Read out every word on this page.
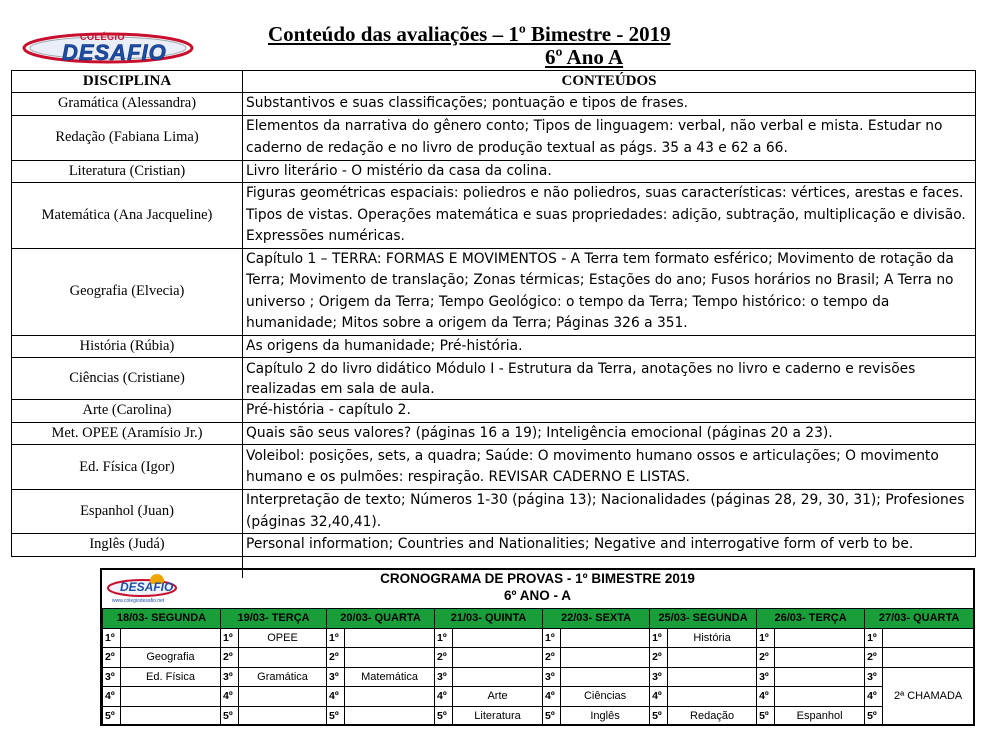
COLÉGIO
DESAFIO
Conteúdo das avaliações – 1º Bimestre - 2019
6º Ano A
DISCIPLINA	CONTEÚDOS
Gramática (Alessandra)	Substantivos e suas classificações; pontuação e tipos de frases.
Redação (Fabiana Lima)	Elementos da narrativa do gênero conto; Tipos de linguagem: verbal, não verbal e mista. Estudar no caderno de redação e no livro de produção textual as págs. 35 a 43 e 62 a 66.
Literatura (Cristian)	Livro literário - O mistério da casa da colina.
Matemática (Ana Jacqueline)	Figuras geométricas espaciais: poliedros e não poliedros, suas características: vértices, arestas e faces. Tipos de vistas. Operações matemática e suas propriedades: adição, subtração, multiplicação e divisão. Expressões numéricas.
Geografia (Elvecia)	Capítulo 1 – TERRA: FORMAS E MOVIMENTOS - A Terra tem formato esférico; Movimento de rotação da Terra; Movimento de translação; Zonas térmicas; Estações do ano; Fusos horários no Brasil; A Terra no universo ; Origem da Terra; Tempo Geológico: o tempo da Terra; Tempo histórico: o tempo da humanidade; Mitos sobre a origem da Terra; Páginas 326 a 351.
História (Rúbia)	As origens da humanidade; Pré-história.
Ciências (Cristiane)	Capítulo 2 do livro didático Módulo I - Estrutura da Terra, anotações no livro e caderno e revisões realizadas em sala de aula.
Arte (Carolina)	Pré-história - capítulo 2.
Met. OPEE (Aramísio Jr.)	Quais são seus valores? (páginas 16 a 19); Inteligência emocional (páginas 20 a 23).
Ed. Física (Igor)	Voleibol: posições, sets, a quadra; Saúde: O movimento humano ossos e articulações; O movimento humano e os pulmões: respiração. REVISAR CADERNO E LISTAS.
Espanhol (Juan)	Interpretação de texto; Números 1-30 (página 13); Nacionalidades (páginas 28, 29, 30, 31); Profesiones (páginas 32,40,41).
Inglês (Judá)	Personal information; Countries and Nationalities; Negative and interrogative form of verb to be.

DESAFIO
www.colegiodesafio.net
CRONOGRAMA DE PROVAS - 1º BIMESTRE 2019
6º ANO - A
18/03- SEGUNDA		19/03- TERÇA		20/03- QUARTA		21/03- QUINTA		22/03- SEXTA		25/03- SEGUNDA		26/03- TERÇA		27/03- QUARTA	
1º		1º	OPEE	1º		1º		1º		1º	História	1º		1º	
2º	Geografia	2º		2º		2º		2º		2º		2º		2º	
3º	Ed. Física	3º	Gramática	3º	Matemática	3º		3º		3º		3º		3º	2ª CHAMADA
4º		4º		4º		4º	Arte	4º	Ciências	4º		4º		4º	
5º		5º		5º		5º	Literatura	5º	Inglês	5º	Redação	5º	Espanhol	5º	
